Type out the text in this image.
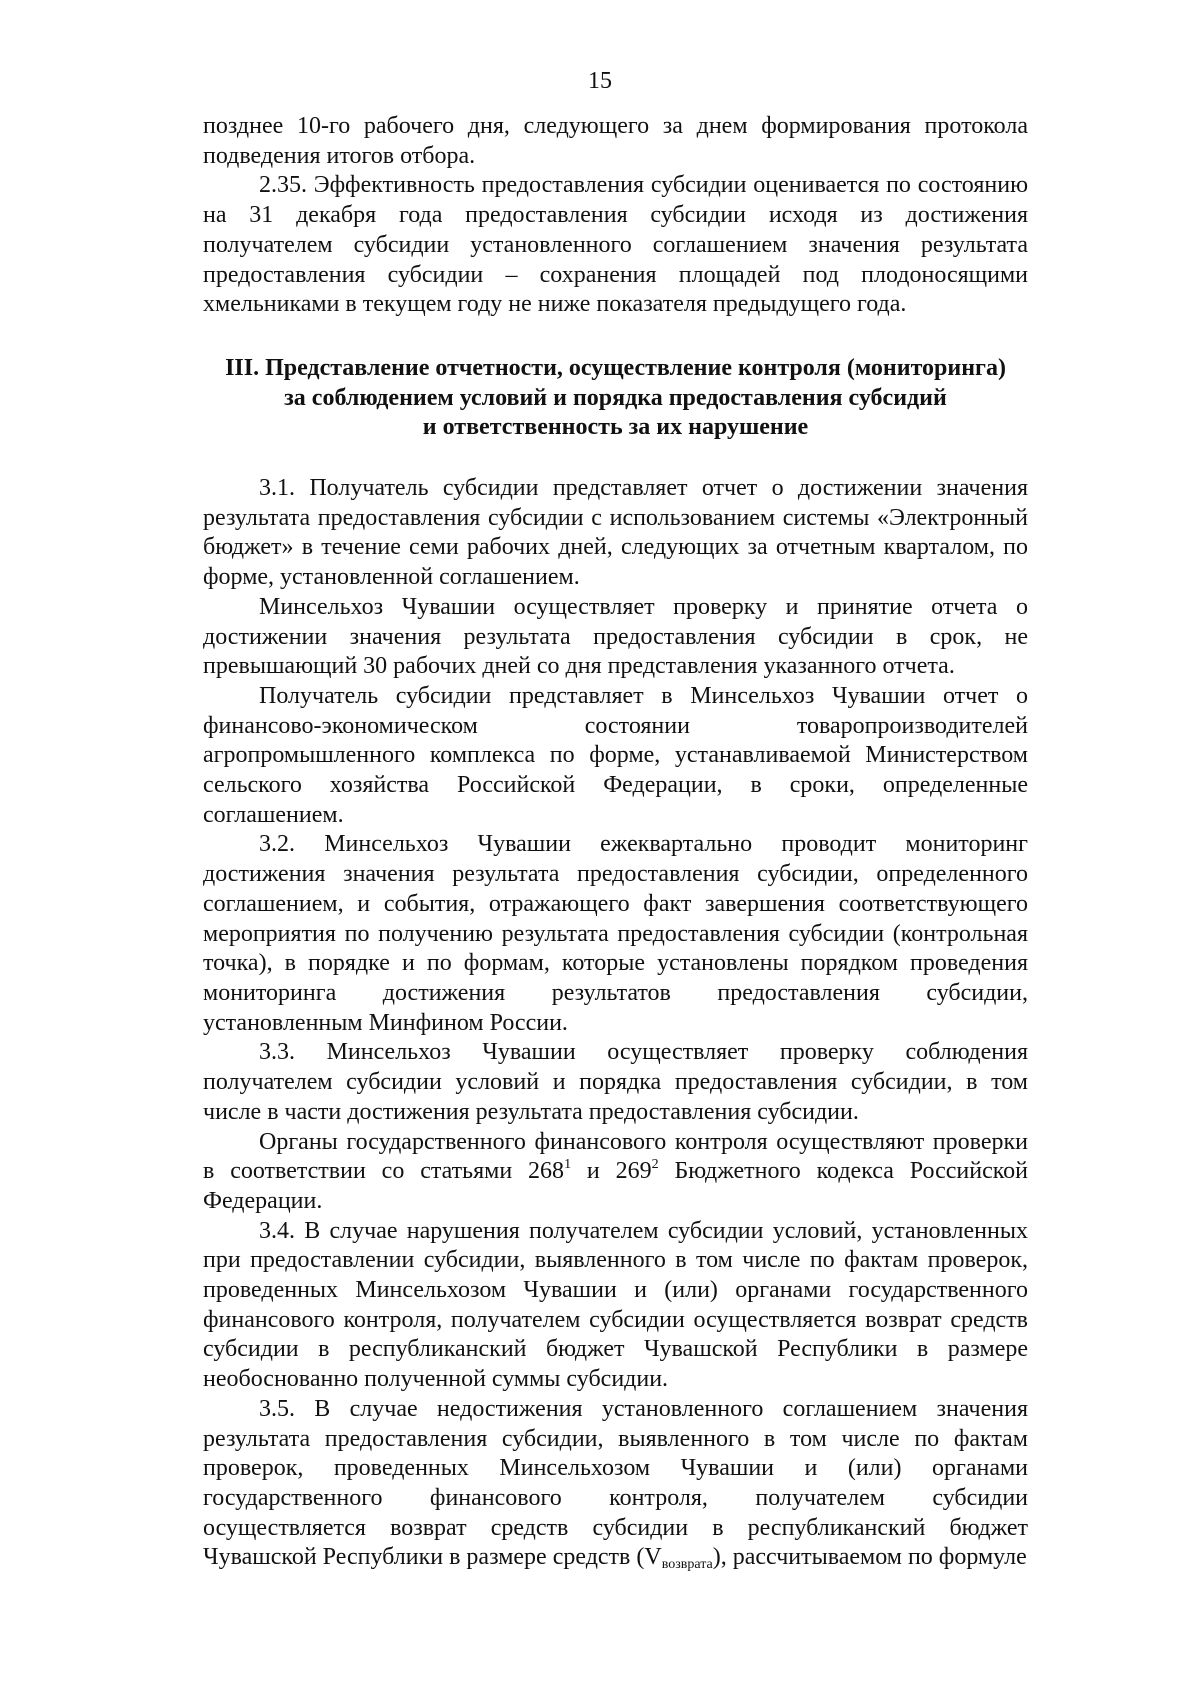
15

позднее 10-го рабочего дня, следующего за днем формирования протокола подведения итогов отбора.

2.35. Эффективность предоставления субсидии оценивается по состоянию на 31 декабря года предоставления субсидии исходя из достижения получателем субсидии установленного соглашением значения результата предоставления субсидии – сохранения площадей под плодоносящими хмельниками в текущем году не ниже показателя предыдущего года.

III. Представление отчетности, осуществление контроля (мониторинга)
за соблюдением условий и порядка предоставления субсидий
и ответственность за их нарушение

3.1. Получатель субсидии представляет отчет о достижении значения результата предоставления субсидии с использованием системы «Электронный бюджет» в течение семи рабочих дней, следующих за отчетным кварталом, по форме, установленной соглашением.

Минсельхоз Чувашии осуществляет проверку и принятие отчета о достижении значения результата предоставления субсидии в срок, не превышающий 30 рабочих дней со дня представления указанного отчета.

Получатель субсидии представляет в Минсельхоз Чувашии отчет о финансово-экономическом состоянии товаропроизводителей агропромышленного комплекса по форме, устанавливаемой Министерством сельского хозяйства Российской Федерации, в сроки, определенные соглашением.

3.2. Минсельхоз Чувашии ежеквартально проводит мониторинг достижения значения результата предоставления субсидии, определенного соглашением, и события, отражающего факт завершения соответствующего мероприятия по получению результата предоставления субсидии (контрольная точка), в порядке и по формам, которые установлены порядком проведения мониторинга достижения результатов предоставления субсидии, установленным Минфином России.

3.3. Минсельхоз Чувашии осуществляет проверку соблюдения получателем субсидии условий и порядка предоставления субсидии, в том числе в части достижения результата предоставления субсидии.

Органы государственного финансового контроля осуществляют проверки в соответствии со статьями $268^1$ и $269^2$ Бюджетного кодекса Российской Федерации.

3.4. В случае нарушения получателем субсидии условий, установленных при предоставлении субсидии, выявленного в том числе по фактам проверок, проведенных Минсельхозом Чувашии и (или) органами государственного финансового контроля, получателем субсидии осуществляется возврат средств субсидии в республиканский бюджет Чувашской Республики в размере необоснованно полученной суммы субсидии.

3.5. В случае недостижения установленного соглашением значения результата предоставления субсидии, выявленного в том числе по фактам проверок, проведенных Минсельхозом Чувашии и (или) органами государственного финансового контроля, получателем субсидии осуществляется возврат средств субсидии в республиканский бюджет Чувашской Республики в размере средств $(V_{возврата})$, рассчитываемом по формуле
